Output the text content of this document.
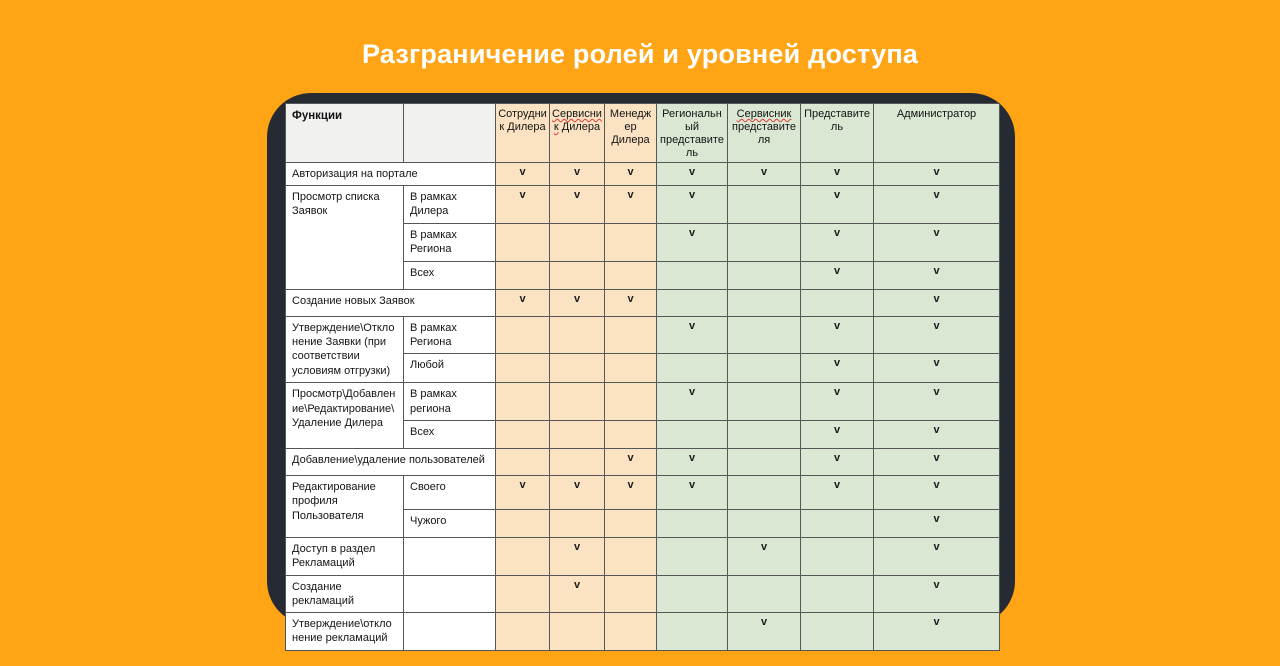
Разграничение ролей и уровней доступа
Функции		Сотрудник Дилера	Сервисник Дилера	Менеджер Дилера	Региональный представитель	Сервисник представителя	Представитель	Администратор
Авторизация на портале		v	v	v	v	v	v	v
Просмотр списка Заявок	В рамках Дилера	v	v	v	v		v	v
	В рамках Региона				v		v	v
	Всех						v	v
Создание новых Заявок		v	v	v				v
Утверждение\Отклонение Заявки (при соответствии условиям отгрузки)	В рамках Региона				v		v	v
	Любой						v	v
Просмотр\Добавление\Редактирование\Удаление Дилера	В рамках региона				v		v	v
	Всех						v	v
Добавление\удаление пользователей				v	v		v	v
Редактирование профиля Пользователя	Своего	v	v	v	v		v	v
	Чужого							v
Доступ в раздел Рекламаций			v			v		v
Создание рекламаций			v					v
Утверждение\отклонение рекламаций						v		v
